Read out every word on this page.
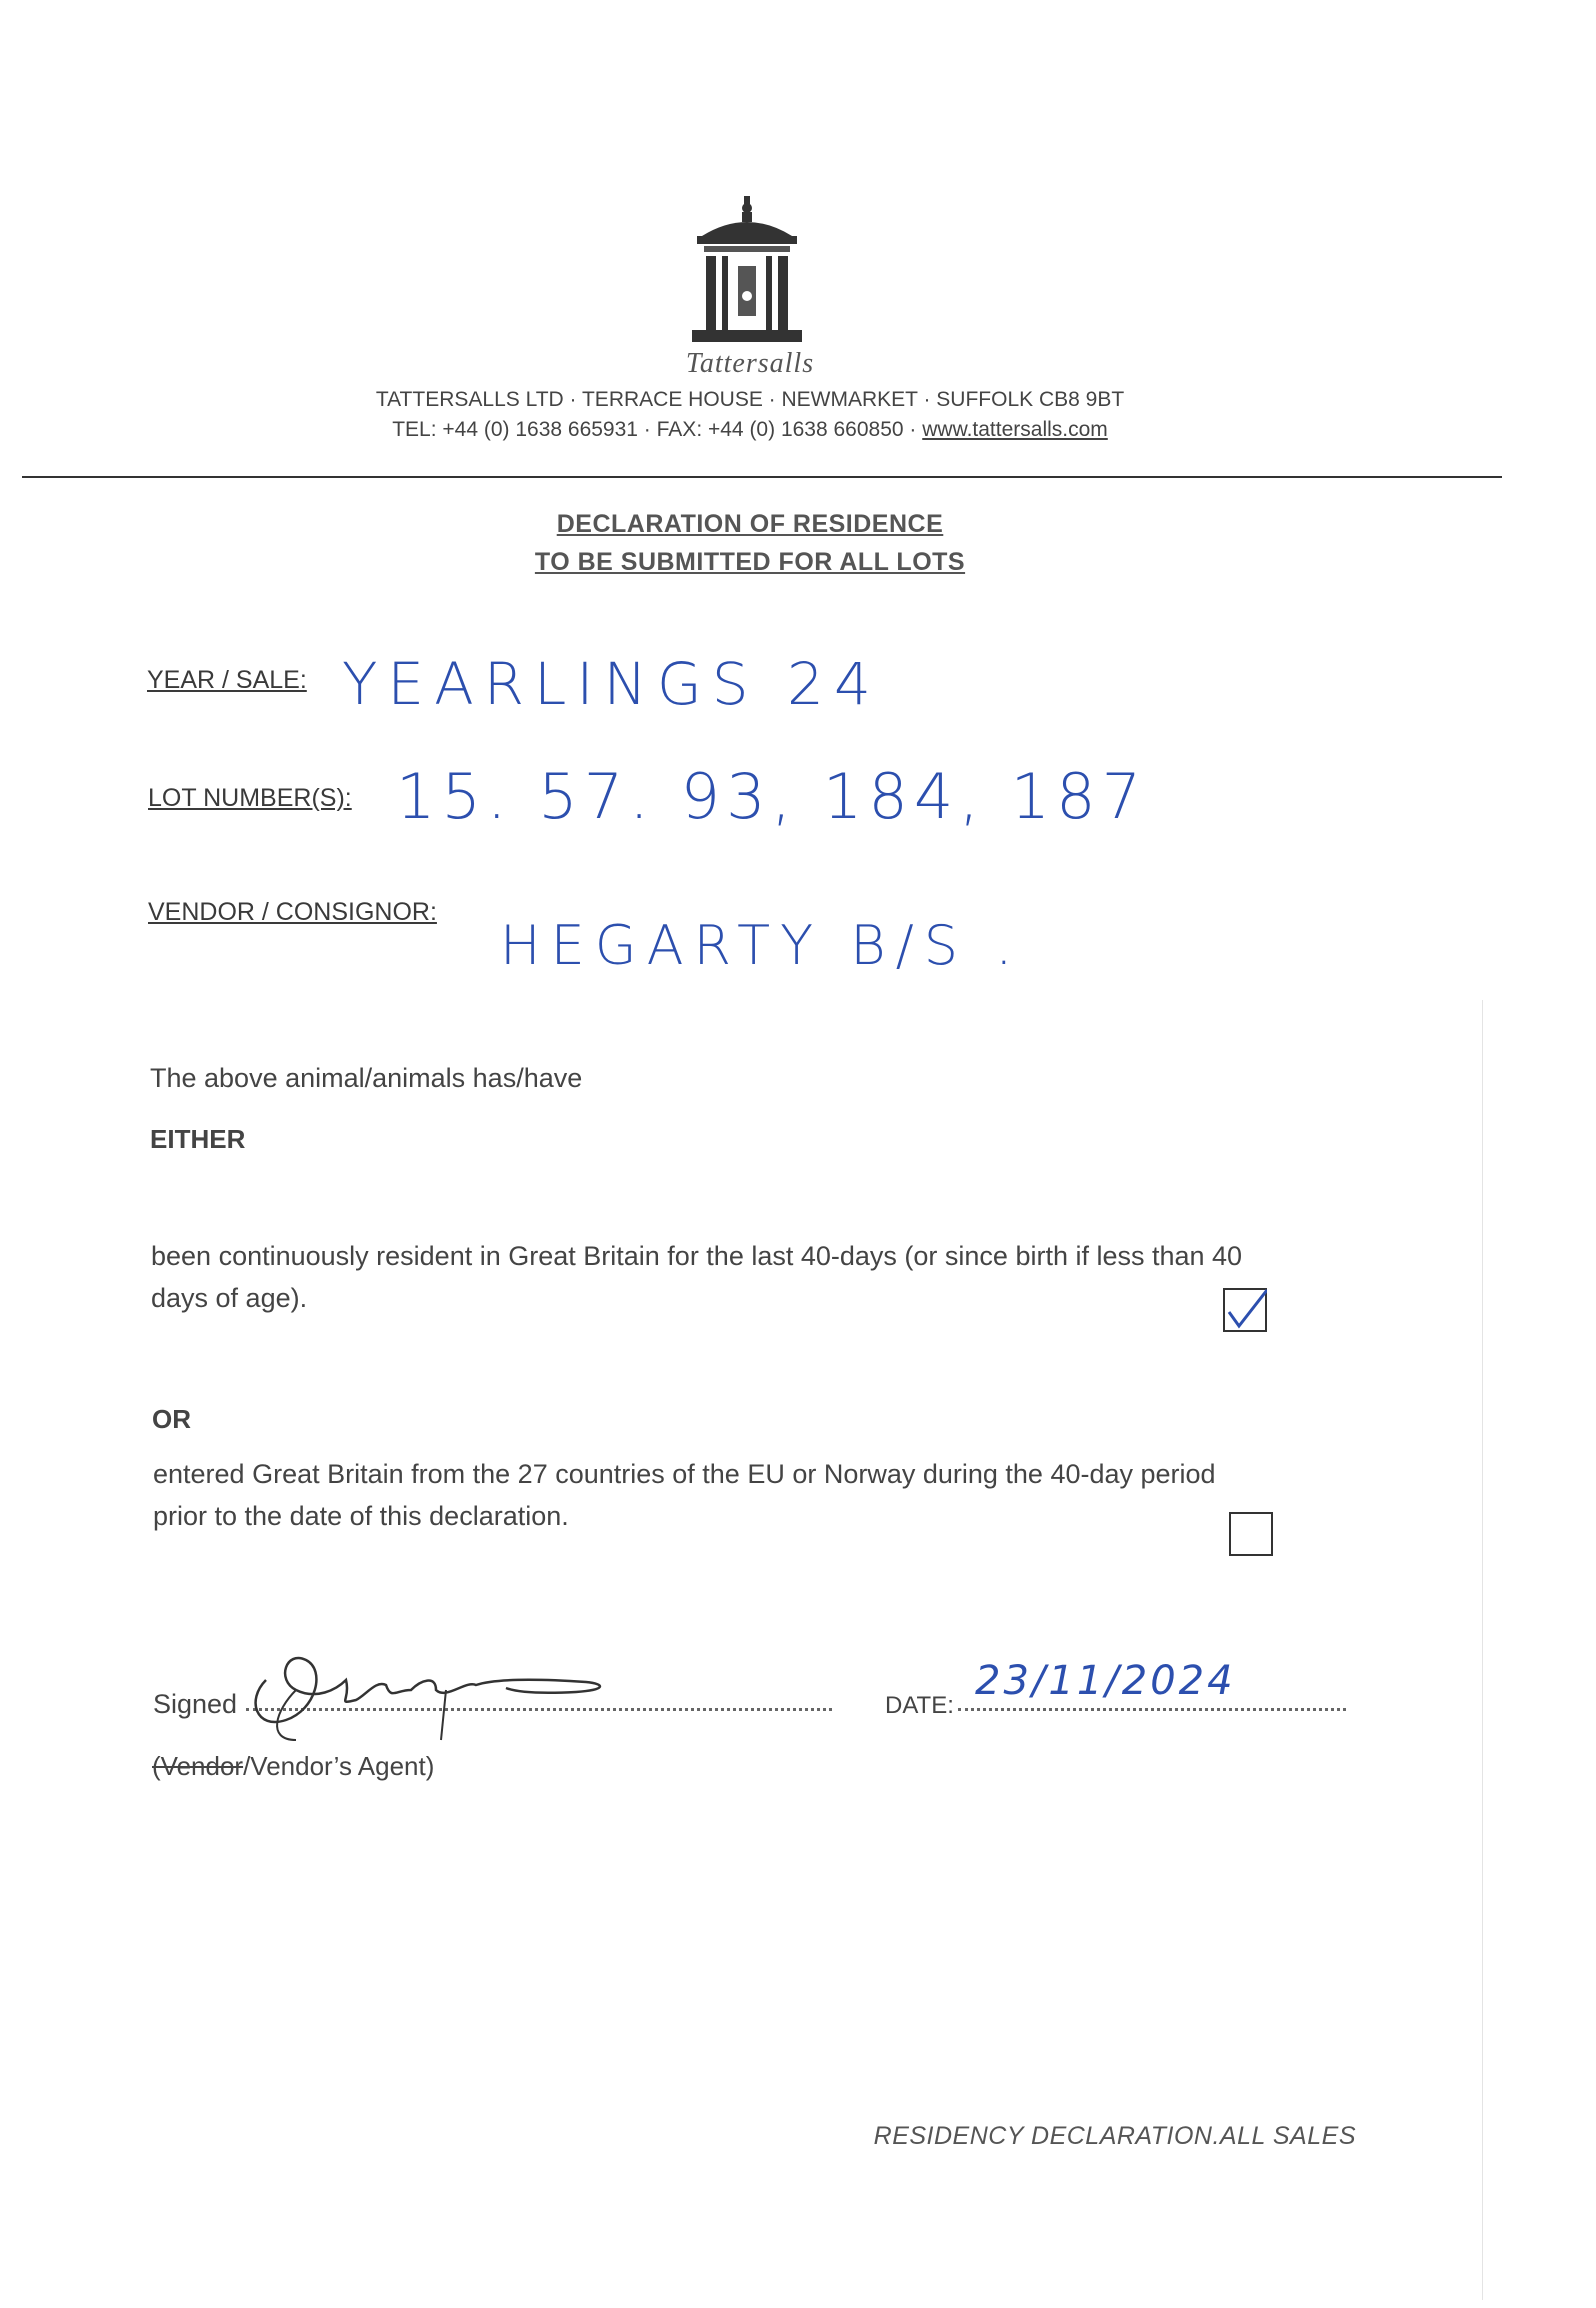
Tattersalls
TATTERSALLS LTD · TERRACE HOUSE · NEWMARKET · SUFFOLK CB8 9BT
TEL: +44 (0) 1638 665931 · FAX: +44 (0) 1638 660850 · www.tattersalls.com
DECLARATION OF RESIDENCE
TO BE SUBMITTED FOR ALL LOTS
YEAR / SALE: YEARLINGS 24
LOT NUMBER(S): 15. 57. 93, 184, 187
VENDOR / CONSIGNOR:
HEGARTY B/S .
The above animal/animals has/have
EITHER
been continuously resident in Great Britain for the last 40-days (or since birth if less than 40
days of age).
OR
entered Great Britain from the 27 countries of the EU or Norway during the 40-day period
prior to the date of this declaration.
Signed	DATE:
23/11/2024
(Vendor/Vendor’s Agent)
RESIDENCY DECLARATION.ALL SALES
